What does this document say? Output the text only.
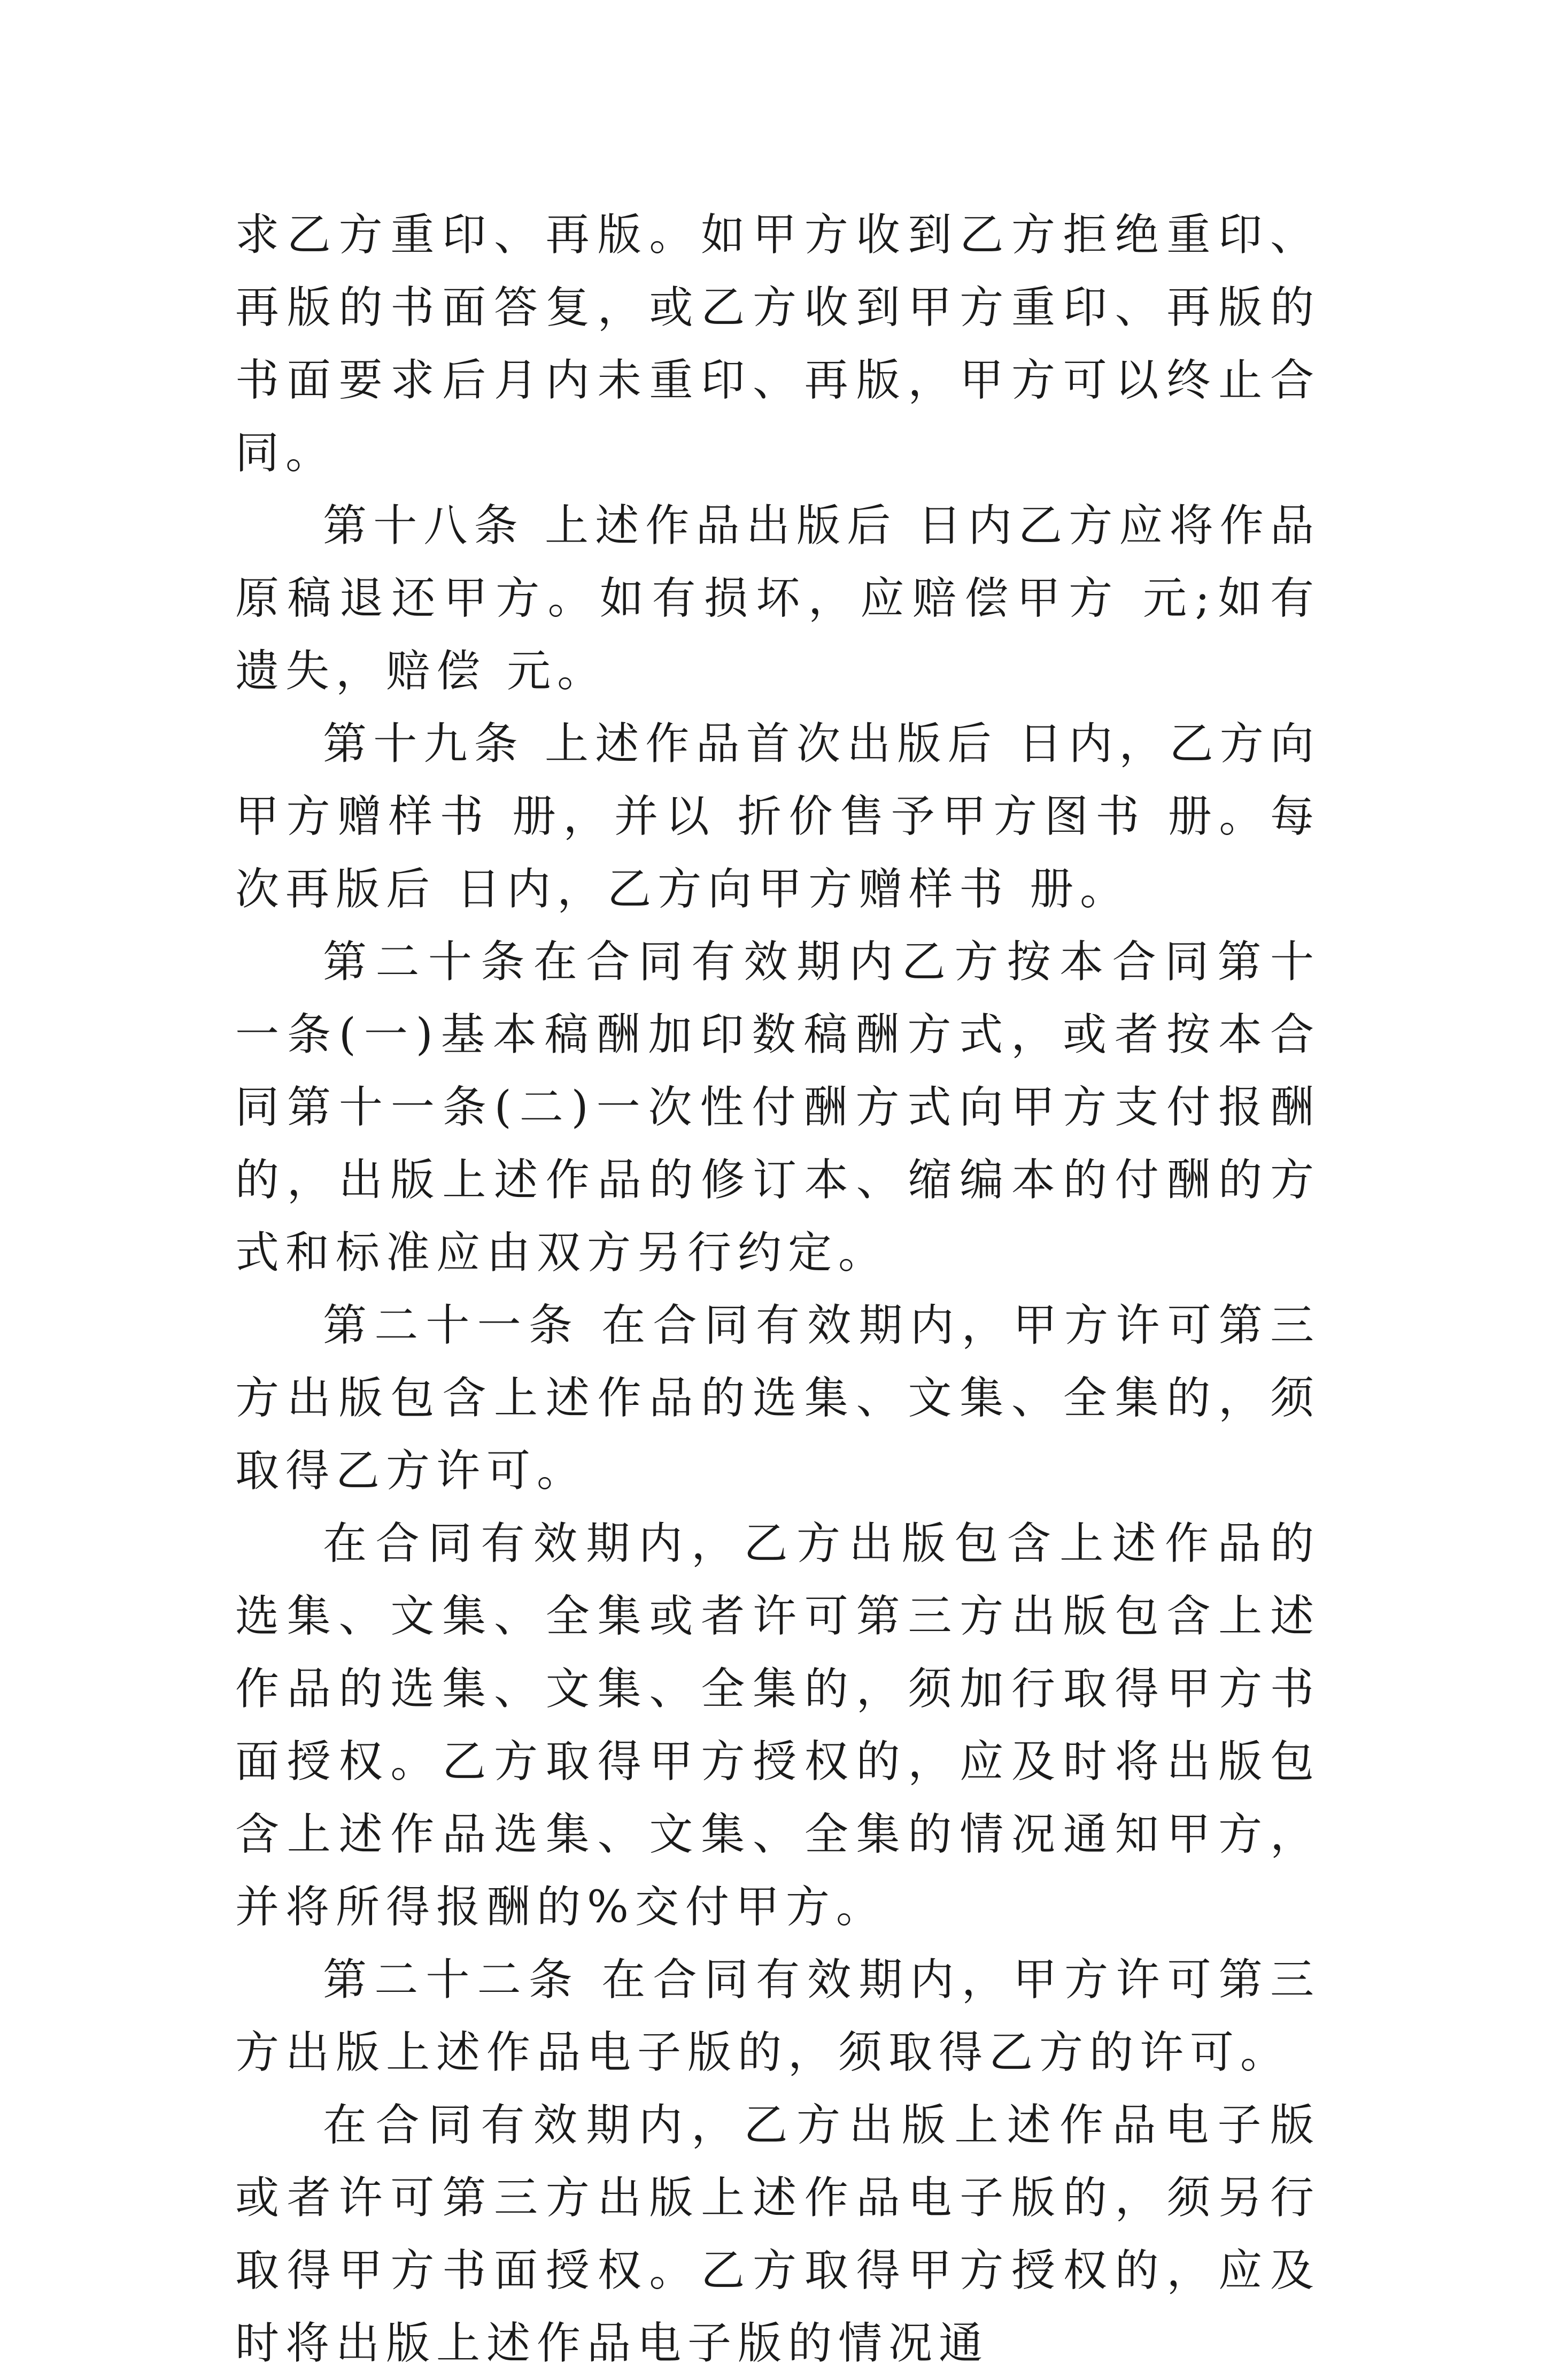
求乙方重印、再版。如甲方收到乙方拒绝重印、再版的书面答复，或乙方收到甲方重印、再版的书面要求后月内未重印、再版，甲方可以终止合同。

第十八条 上述作品出版后 日内乙方应将作品原稿退还甲方。如有损坏，应赔偿甲方 元;如有遗失，赔偿 元。

第十九条 上述作品首次出版后 日内，乙方向甲方赠样书 册，并以 折价售予甲方图书 册。每次再版后 日内，乙方向甲方赠样书 册。

第二十条在合同有效期内乙方按本合同第十一条(一)基本稿酬加印数稿酬方式，或者按本合同第十一条(二)一次性付酬方式向甲方支付报酬的，出版上述作品的修订本、缩编本的付酬的方式和标准应由双方另行约定。

第二十一条 在合同有效期内，甲方许可第三方出版包含上述作品的选集、文集、全集的，须取得乙方许可。

在合同有效期内，乙方出版包含上述作品的选集、文集、全集或者许可第三方出版包含上述作品的选集、文集、全集的，须加行取得甲方书面授权。乙方取得甲方授权的，应及时将出版包含上述作品选集、文集、全集的情况通知甲方，并将所得报酬的%交付甲方。

第二十二条 在合同有效期内，甲方许可第三方出版上述作品电子版的，须取得乙方的许可。

在合同有效期内，乙方出版上述作品电子版或者许可第三方出版上述作品电子版的，须另行取得甲方书面授权。乙方取得甲方授权的，应及时将出版上述作品电子版的情况通
